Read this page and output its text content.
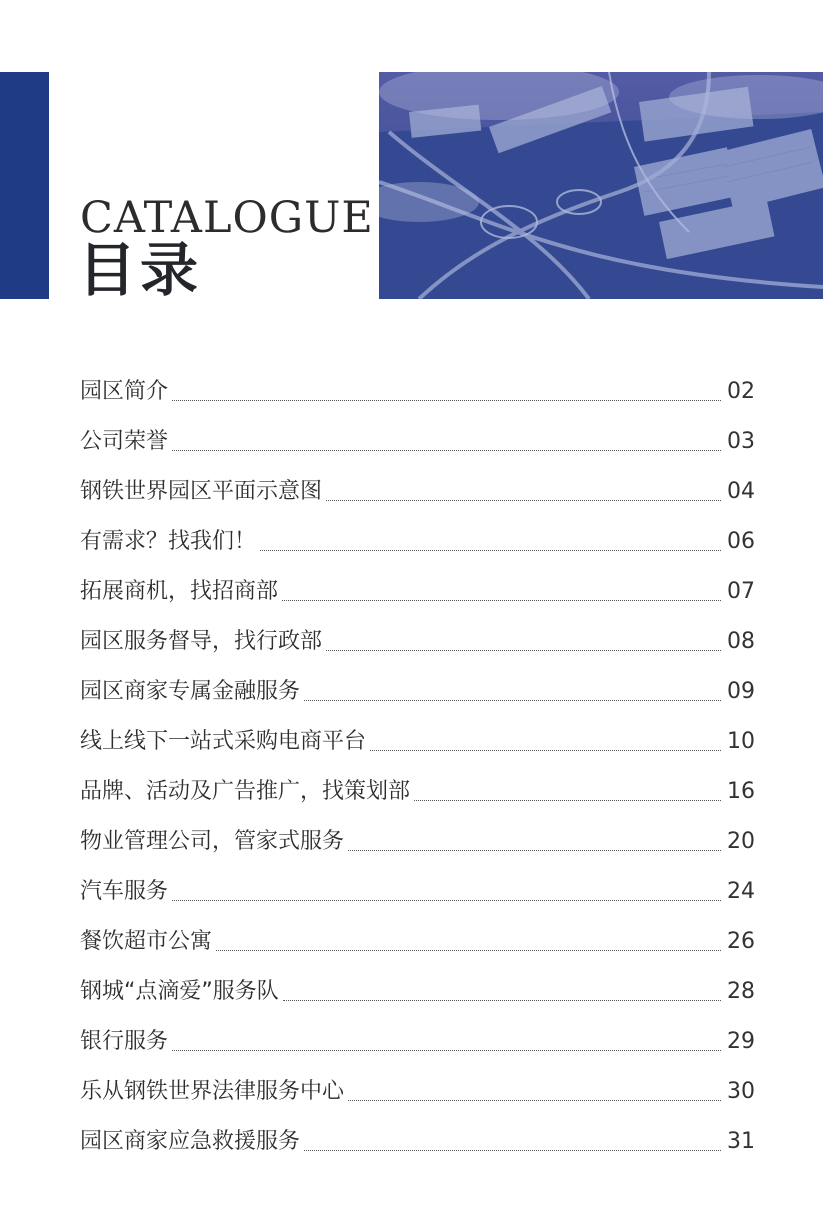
CATALOGUE
目录
园区简介	02
公司荣誉	03
钢铁世界园区平面示意图	04
有需求？找我们！	06
拓展商机，找招商部	07
园区服务督导，找行政部	08
园区商家专属金融服务	09
线上线下一站式采购电商平台	10
品牌、活动及广告推广，找策划部	16
物业管理公司，管家式服务	20
汽车服务	24
餐饮超市公寓	26
钢城“点滴爱”服务队	28
银行服务	29
乐从钢铁世界法律服务中心	30
园区商家应急救援服务	31
